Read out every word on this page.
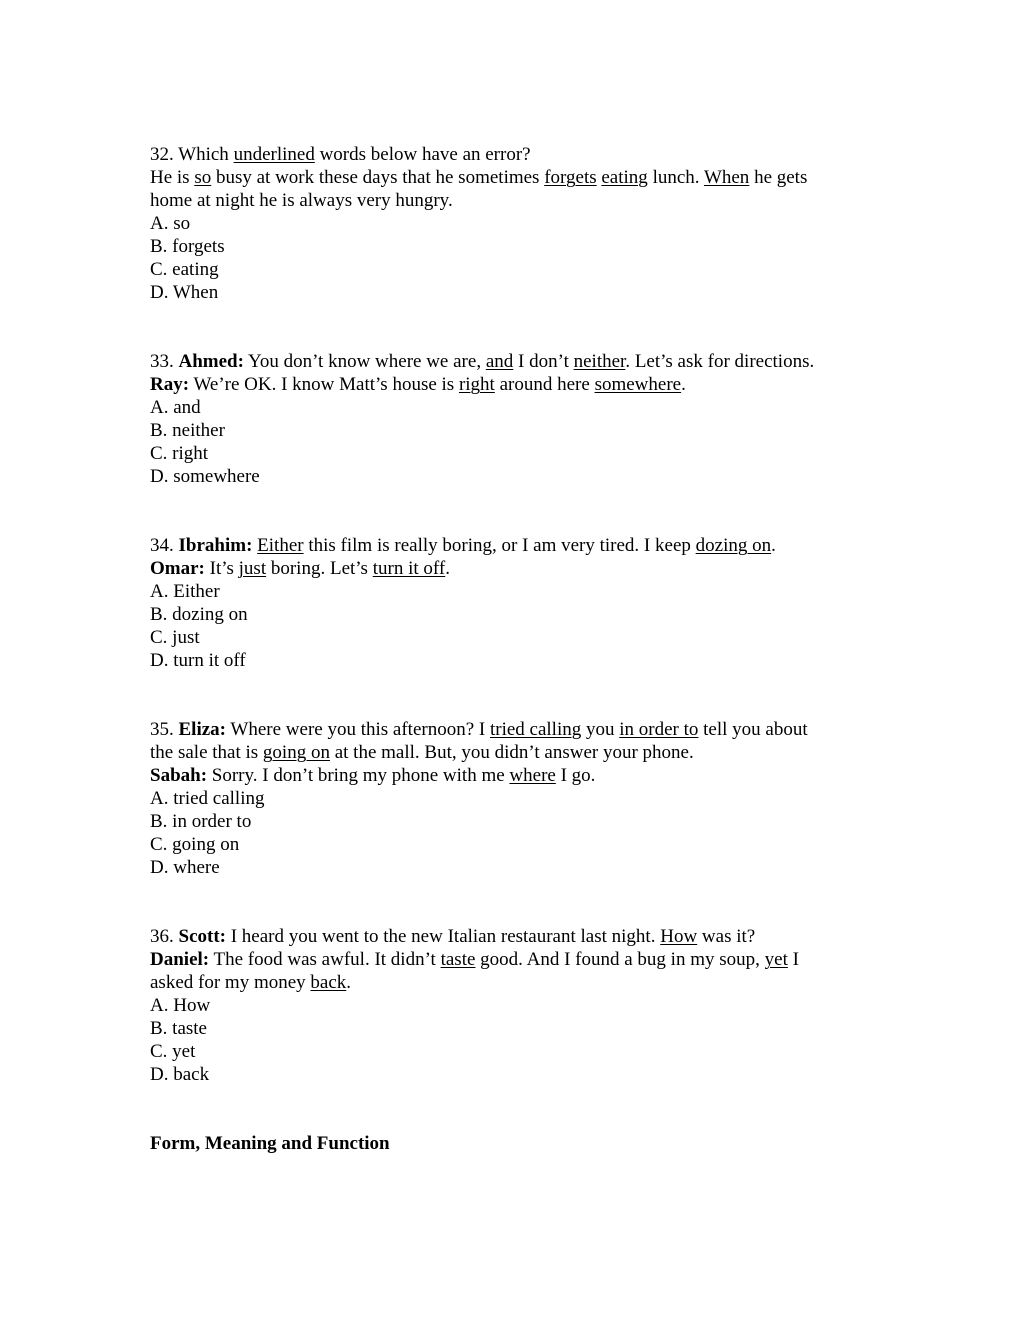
32. Which underlined words below have an error?
He is so busy at work these days that he sometimes forgets eating lunch. When he gets
home at night he is always very hungry.
A. so
B. forgets
C. eating
D. When
33. Ahmed: You don’t know where we are, and I don’t neither. Let’s ask for directions.
Ray: We’re OK. I know Matt’s house is right around here somewhere.
A. and
B. neither
C. right
D. somewhere
34. Ibrahim: Either this film is really boring, or I am very tired. I keep dozing on.
Omar: It’s just boring. Let’s turn it off.
A. Either
B. dozing on
C. just
D. turn it off
35. Eliza: Where were you this afternoon? I tried calling you in order to tell you about
the sale that is going on at the mall. But, you didn’t answer your phone.
Sabah: Sorry. I don’t bring my phone with me where I go.
A. tried calling
B. in order to
C. going on
D. where
36. Scott: I heard you went to the new Italian restaurant last night. How was it?
Daniel: The food was awful. It didn’t taste good. And I found a bug in my soup, yet I
asked for my money back.
A. How
B. taste
C. yet
D. back
Form, Meaning and Function
